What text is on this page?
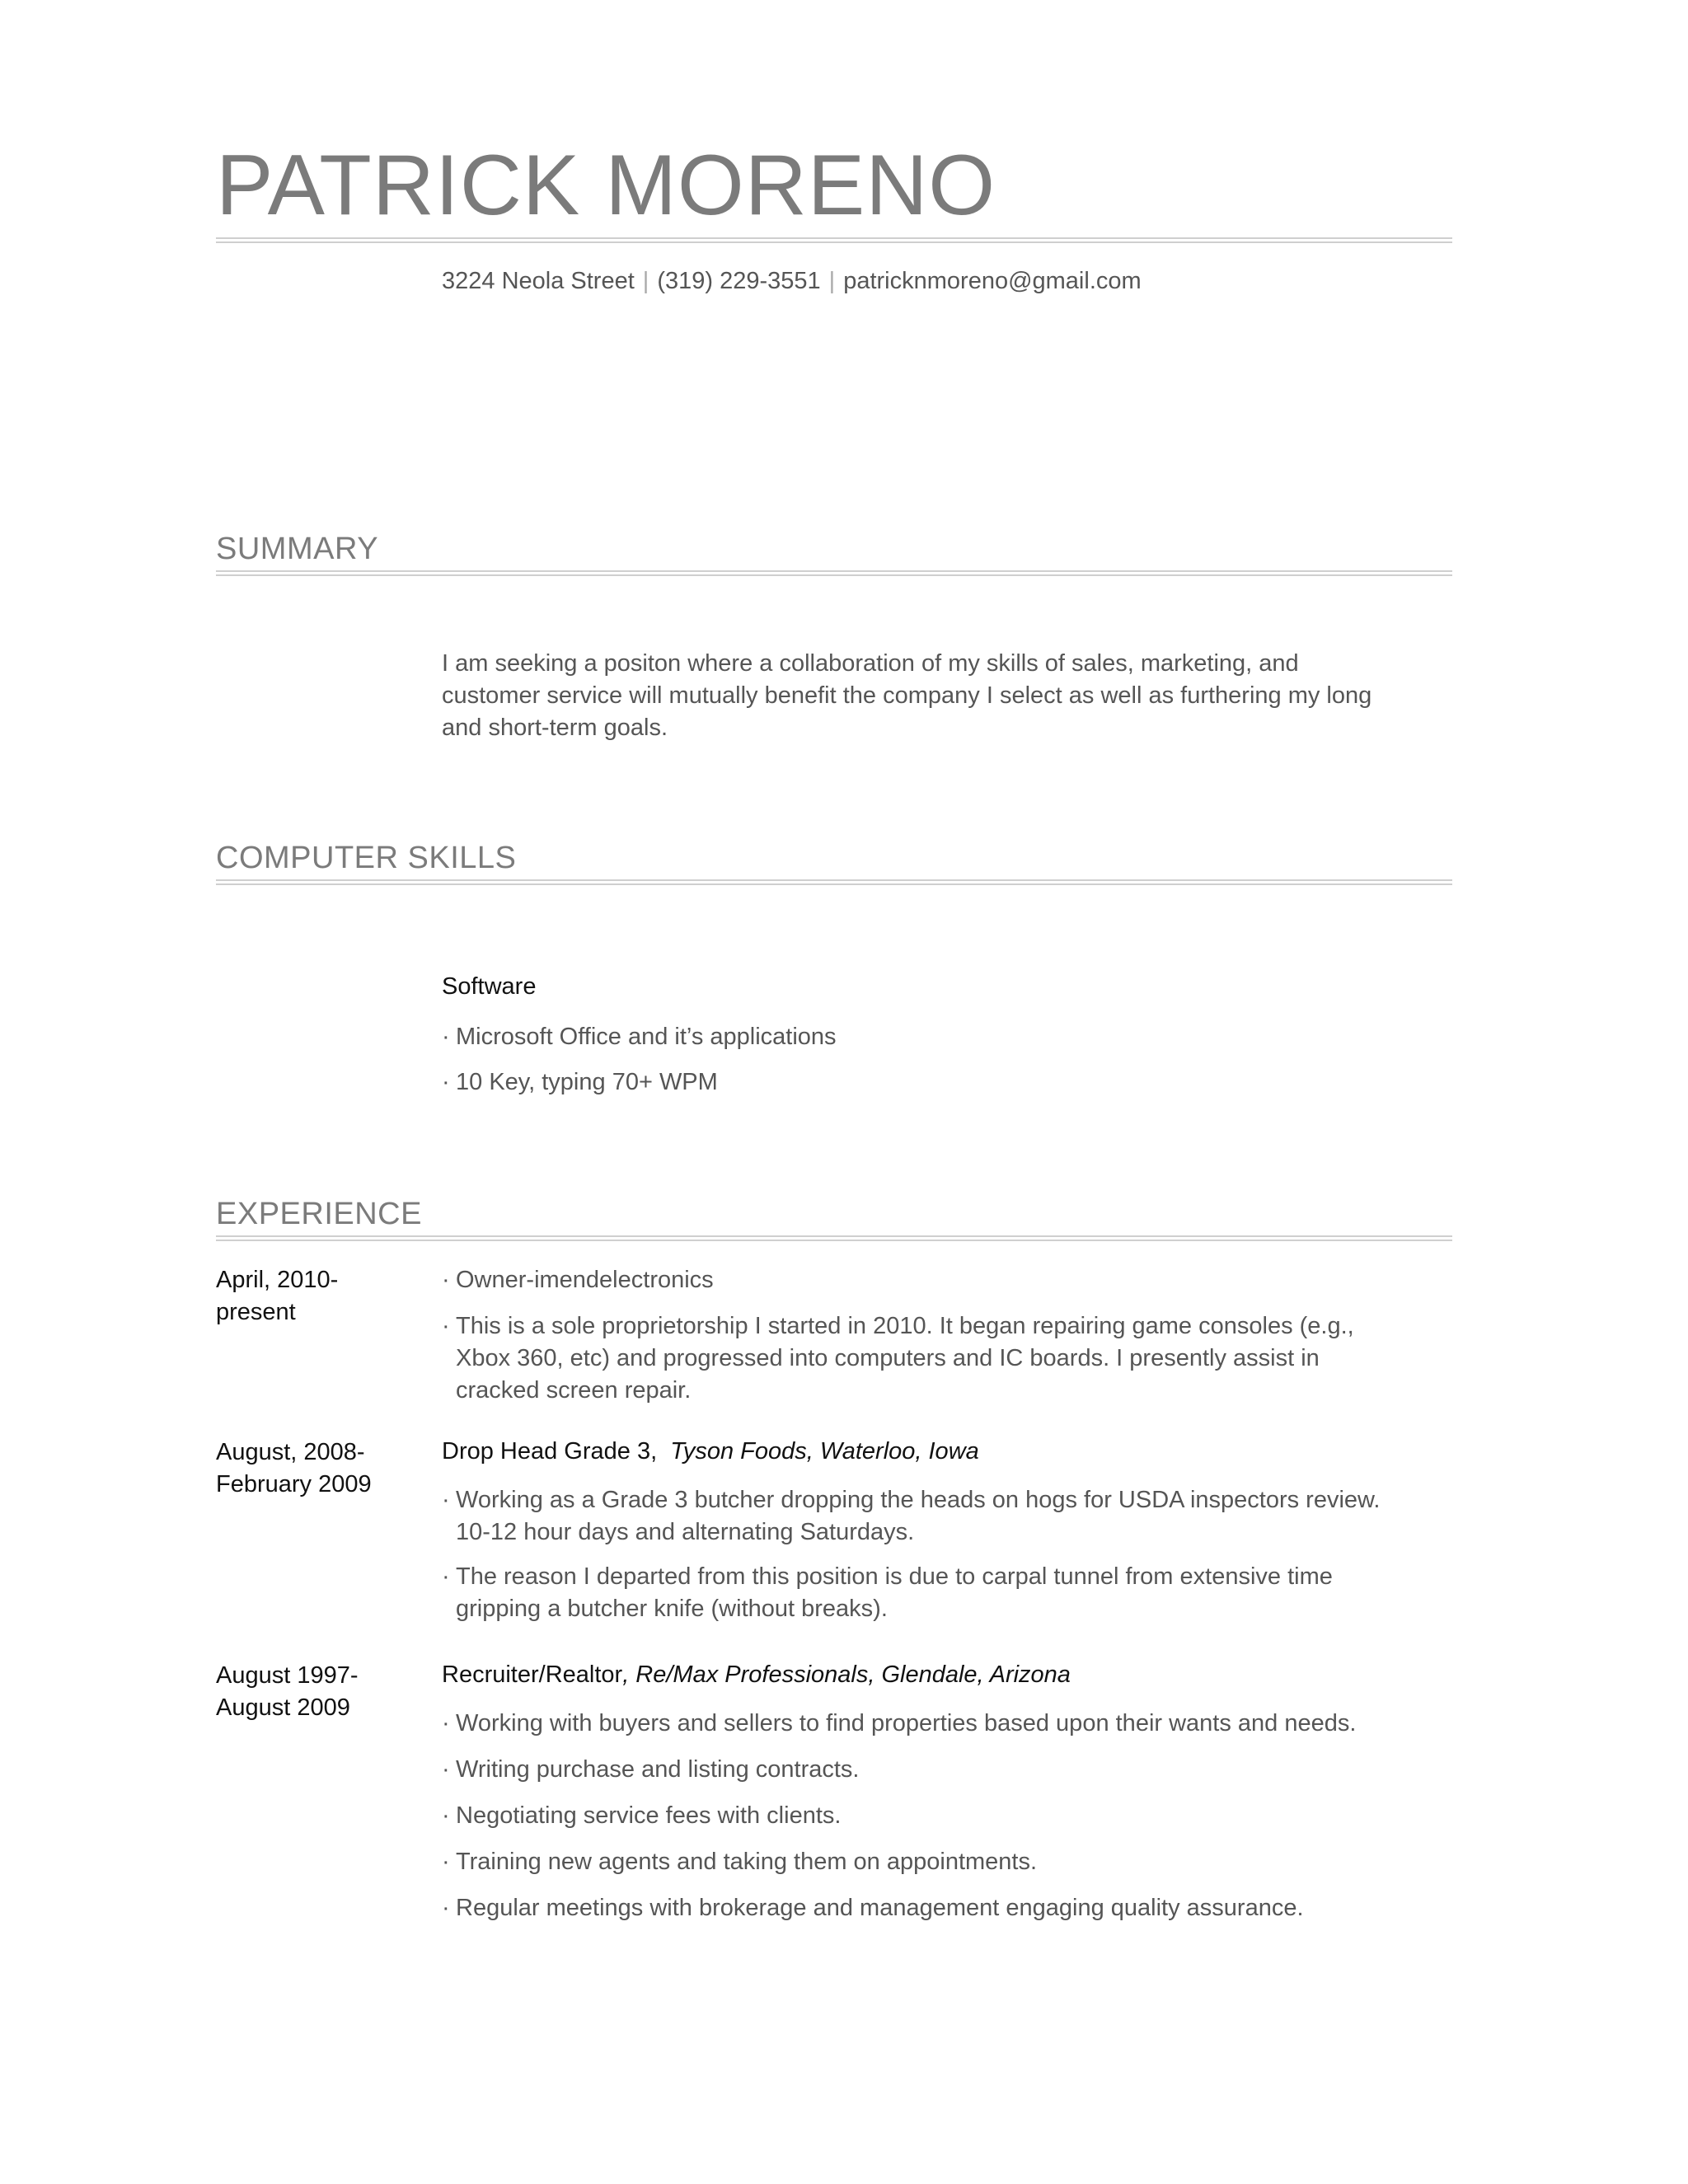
PATRICK MORENO
3224 Neola Street | (319) 229-3551 | patricknmoreno@gmail.com
SUMMARY
I am seeking a positon where a collaboration of my skills of sales, marketing, and customer service will mutually benefit the company I select as well as furthering my long and short-term goals.
COMPUTER SKILLS
Software
· Microsoft Office and it’s applications
· 10 Key, typing 70+ WPM
EXPERIENCE
April, 2010-
present
· Owner-imendelectronics
· This is a sole proprietorship I started in 2010. It began repairing game consoles (e.g., Xbox 360, etc) and progressed into computers and IC boards. I presently assist in cracked screen repair.
August, 2008-
February 2009
Drop Head Grade 3, Tyson Foods, Waterloo, Iowa
· Working as a Grade 3 butcher dropping the heads on hogs for USDA inspectors review. 10-12 hour days and alternating Saturdays.
· The reason I departed from this position is due to carpal tunnel from extensive time gripping a butcher knife (without breaks).
August 1997-
August 2009
Recruiter/Realtor, Re/Max Professionals, Glendale, Arizona
· Working with buyers and sellers to find properties based upon their wants and needs.
· Writing purchase and listing contracts.
· Negotiating service fees with clients.
· Training new agents and taking them on appointments.
· Regular meetings with brokerage and management engaging quality assurance.
